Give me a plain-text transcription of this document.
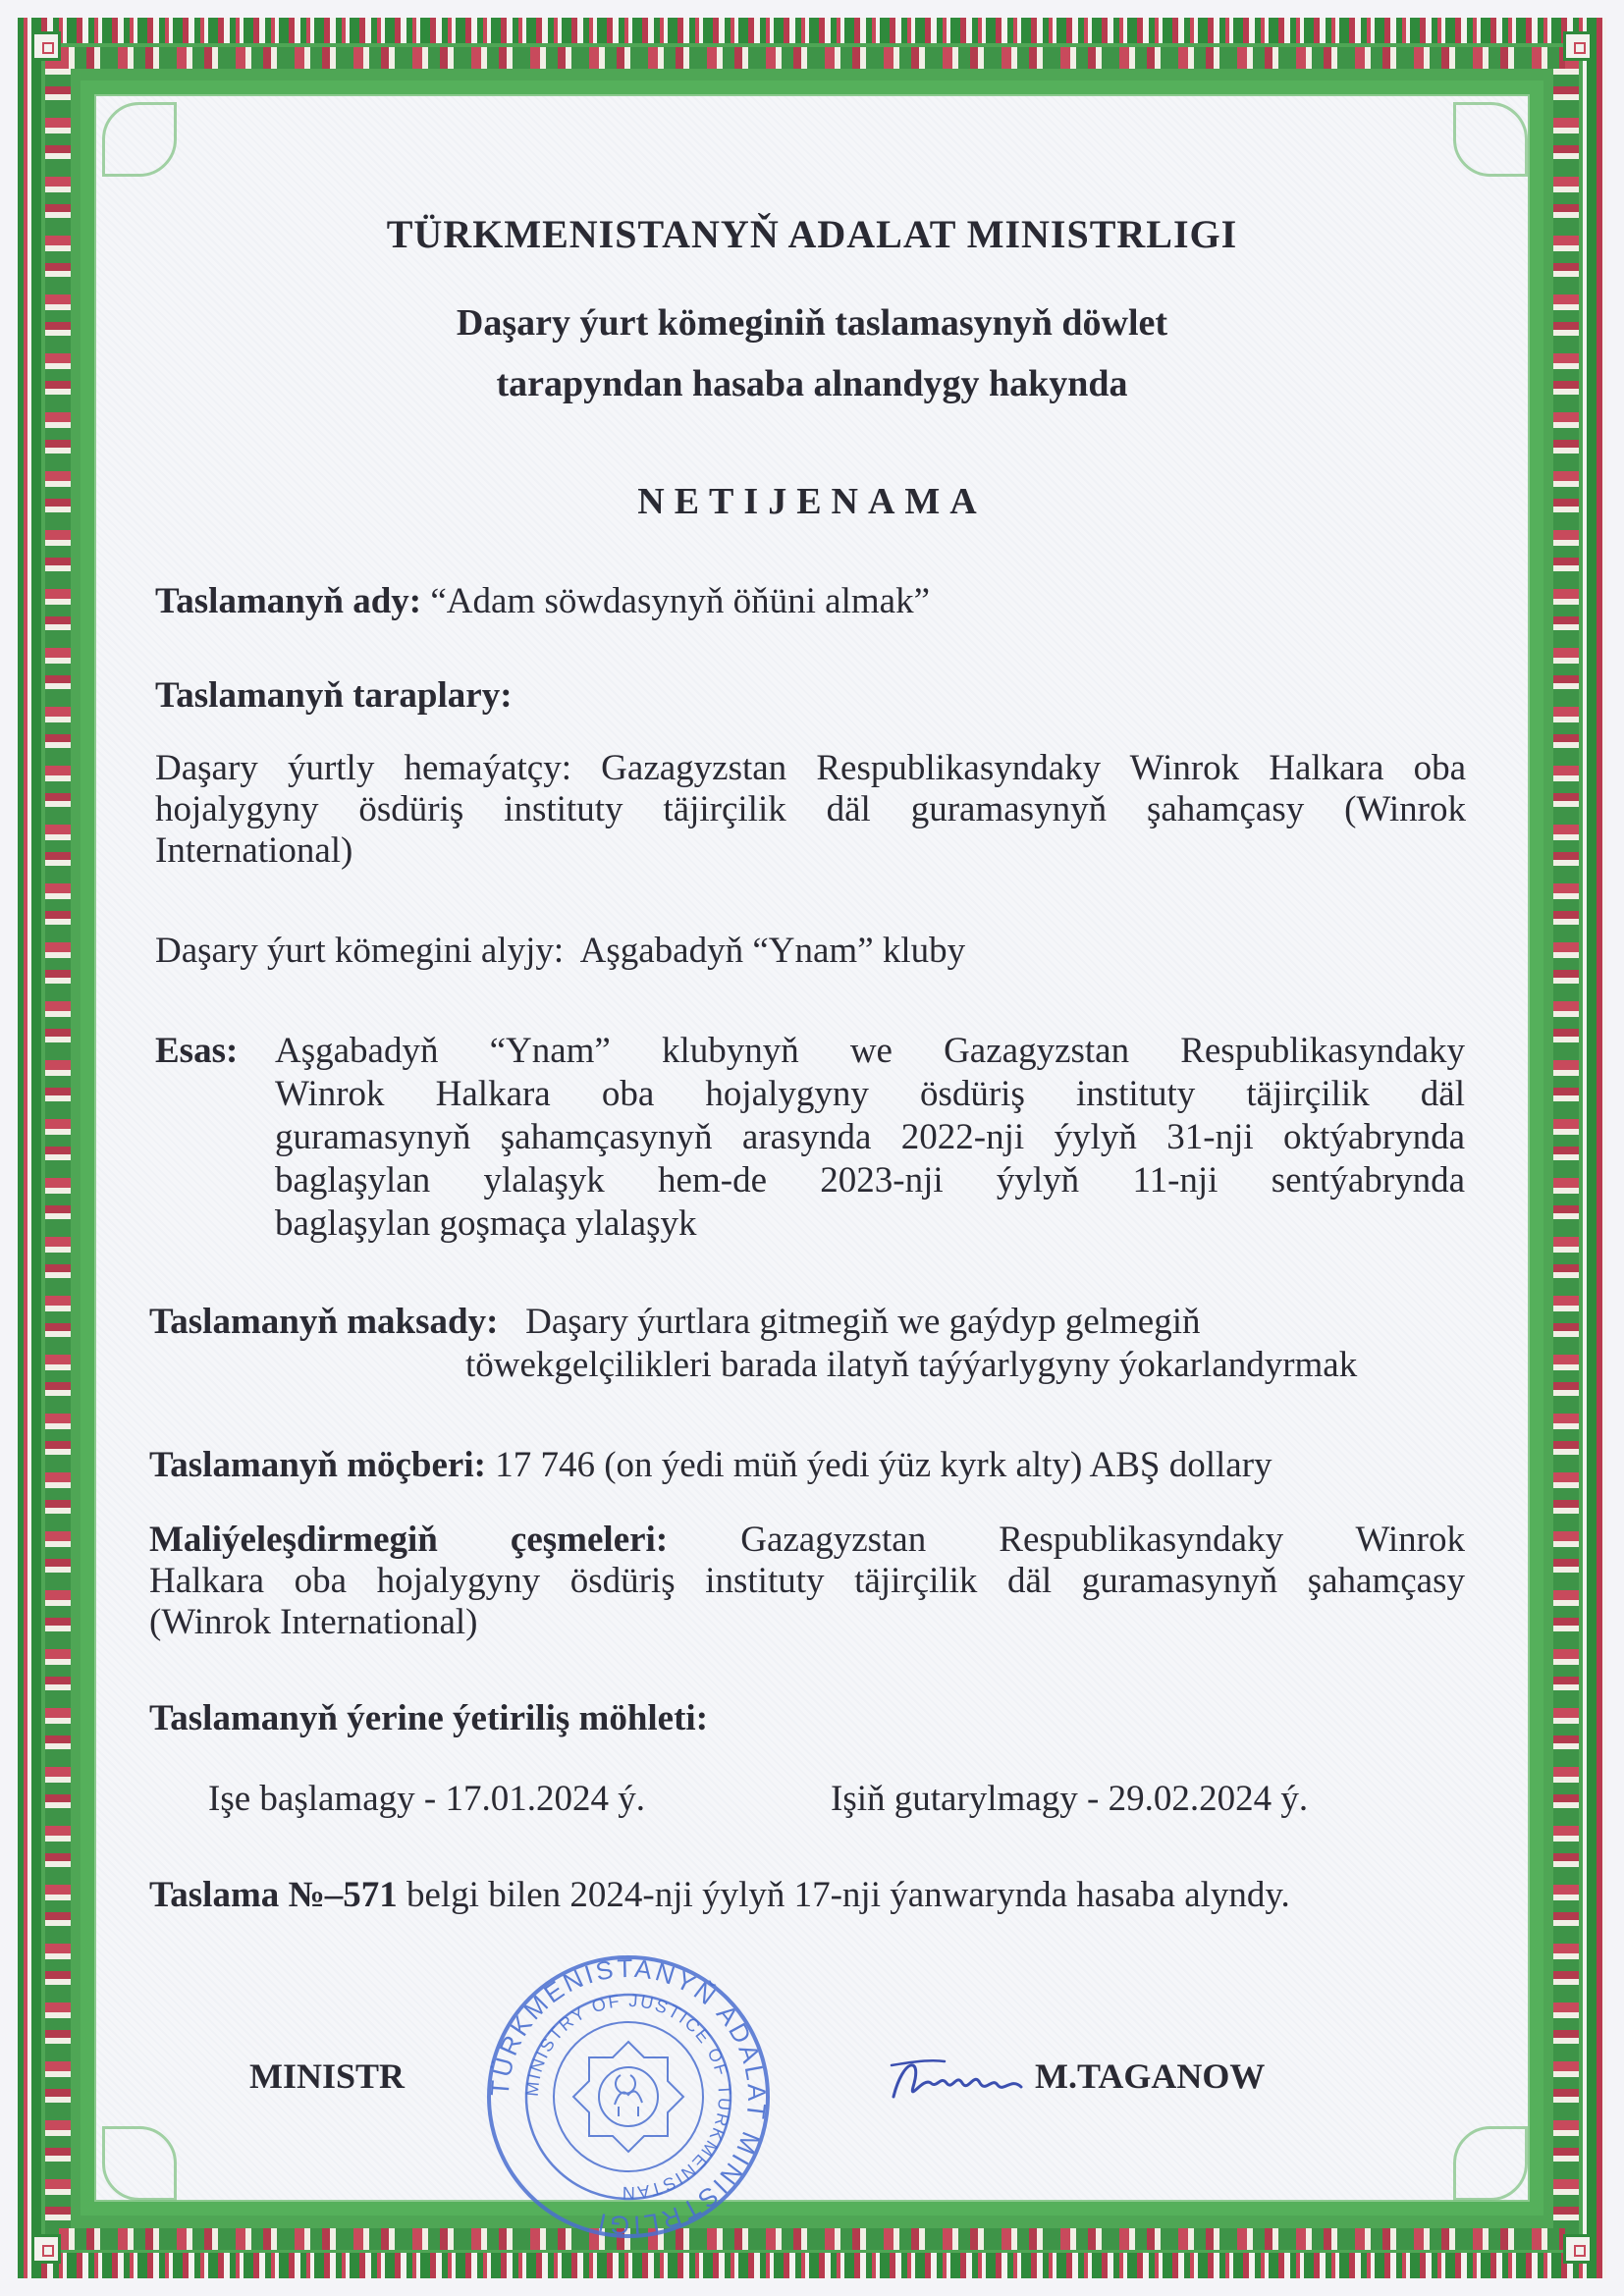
TÜRKMENISTANYŇ ADALAT MINISTRLIGI
Daşary ýurt kömeginiň taslamasynyň döwlet
tarapyndan hasaba alnandygy hakynda
NETIJENAMA
Taslamanyň ady: “Adam söwdasynyň öňüni almak”
Taslamanyň taraplary:
Daşary ýurtly hemaýatçy: Gazagyzstan Respublikasyndaky Winrok Halkara oba
hojalygyny ösdüriş instituty täjirçilik däl guramasynyň şahamçasy (Winrok
International)
Daşary ýurt kömegini alyjy: Aşgabadyň “Ynam” kluby
Esas: Aşgabadyň “Ynam” klubynyň we Gazagyzstan Respublikasyndaky
Winrok Halkara oba hojalygyny ösdüriş instituty täjirçilik däl
guramasynyň şahamçasynyň arasynda 2022-nji ýylyň 31-nji oktýabrynda
baglaşylan ylalaşyk hem-de 2023-nji ýylyň 11-nji sentýabrynda
baglaşylan goşmaça ylalaşyk
Taslamanyň maksady: Daşary ýurtlara gitmegiň we gaýdyp gelmegiň
töwekgelçilikleri barada ilatyň taýýarlygyny ýokarlandyrmak
Taslamanyň möçberi: 17 746 (on ýedi müň ýedi ýüz kyrk alty) ABŞ dollary
Maliýeleşdirmegiň çeşmeleri: Gazagyzstan Respublikasyndaky Winrok
Halkara oba hojalygyny ösdüriş instituty täjirçilik däl guramasynyň şahamçasy
(Winrok International)
Taslamanyň ýerine ýetiriliş möhleti:
Işe başlamagy - 17.01.2024 ý.	Işiň gutarylmagy - 29.02.2024 ý.
Taslama №–571 belgi bilen 2024-nji ýylyň 17-nji ýanwarynda hasaba alyndy.
MINISTR	TÜRKMENISTANYŇ ADALAT MINISTRLIGI
MINISTRY OF JUSTICE OF TURKMENISTAN
M.TAGANOW
